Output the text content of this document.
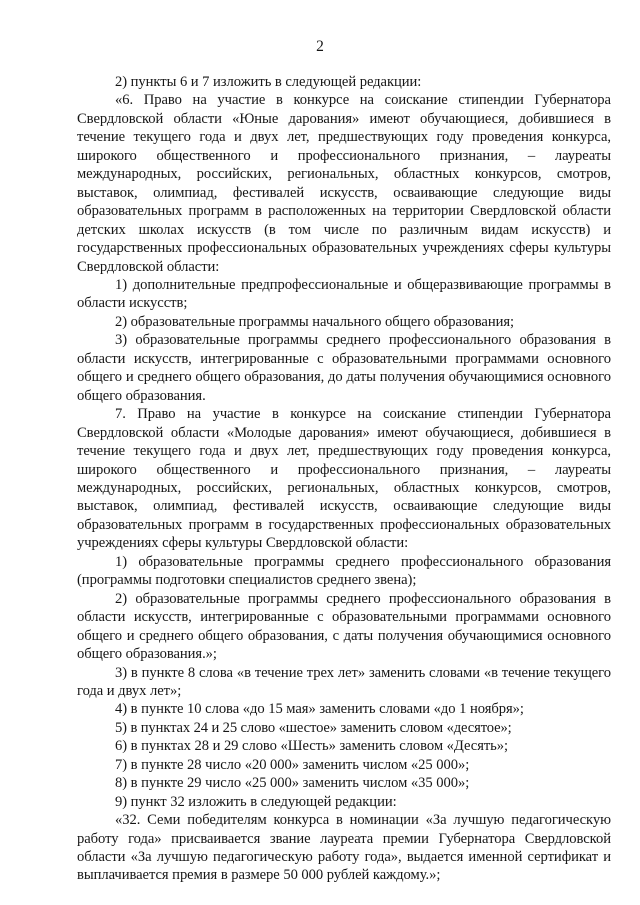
2

2) пункты 6 и 7 изложить в следующей редакции:

«6. Право на участие в конкурсе на соискание стипендии Губернатора Свердловской области «Юные дарования» имеют обучающиеся, добившиеся в течение текущего года и двух лет, предшествующих году проведения конкурса, широкого общественного и профессионального признания, – лауреаты международных, российских, региональных, областных конкурсов, смотров, выставок, олимпиад, фестивалей искусств, осваивающие следующие виды образовательных программ в расположенных на территории Свердловской области детских школах искусств (в том числе по различным видам искусств) и государственных профессиональных образовательных учреждениях сферы культуры Свердловской области:

1) дополнительные предпрофессиональные и общеразвивающие программы в области искусств;

2) образовательные программы начального общего образования;

3) образовательные программы среднего профессионального образования в области искусств, интегрированные с образовательными программами основного общего и среднего общего образования, до даты получения обучающимися основного общего образования.

7. Право на участие в конкурсе на соискание стипендии Губернатора Свердловской области «Молодые дарования» имеют обучающиеся, добившиеся в течение текущего года и двух лет, предшествующих году проведения конкурса, широкого общественного и профессионального признания, – лауреаты международных, российских, региональных, областных конкурсов, смотров, выставок, олимпиад, фестивалей искусств, осваивающие следующие виды образовательных программ в государственных профессиональных образовательных учреждениях сферы культуры Свердловской области:

1) образовательные программы среднего профессионального образования (программы подготовки специалистов среднего звена);

2) образовательные программы среднего профессионального образования в области искусств, интегрированные с образовательными программами основного общего и среднего общего образования, с даты получения обучающимися основного общего образования.»;

3) в пункте 8 слова «в течение трех лет» заменить словами «в течение текущего года и двух лет»;

4) в пункте 10 слова «до 15 мая» заменить словами «до 1 ноября»;

5) в пунктах 24 и 25 слово «шестое» заменить словом «десятое»;

6) в пунктах 28 и 29 слово «Шесть» заменить словом «Десять»;

7) в пункте 28 число «20 000» заменить числом «25 000»;

8) в пункте 29 число «25 000» заменить числом «35 000»;

9) пункт 32 изложить в следующей редакции:

«32. Семи победителям конкурса в номинации «За лучшую педагогическую работу года» присваивается звание лауреата премии Губернатора Свердловской области «За лучшую педагогическую работу года», выдается именной сертификат и выплачивается премия в размере 50 000 рублей каждому.»;
